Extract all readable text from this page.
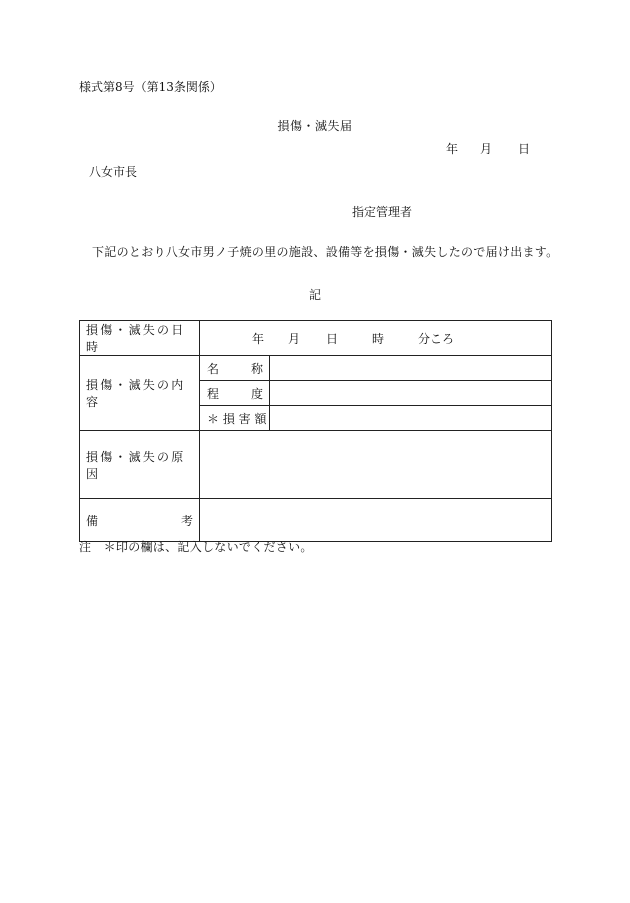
様式第8号（第13条関係）
損傷・滅失届
年 月 日
八女市長
指定管理者
下記のとおり八女市男ノ子焼の里の施設、設備等を損傷・滅失したので届け出ます。
記
損傷・滅失の日時	年 月 日 時 分ころ	
損傷・滅失の内容	名 称	

	程 度	

	＊ 損 害 額	
損傷・滅失の原因		

備 考		

注　＊印の欄は、記入しないでください。
